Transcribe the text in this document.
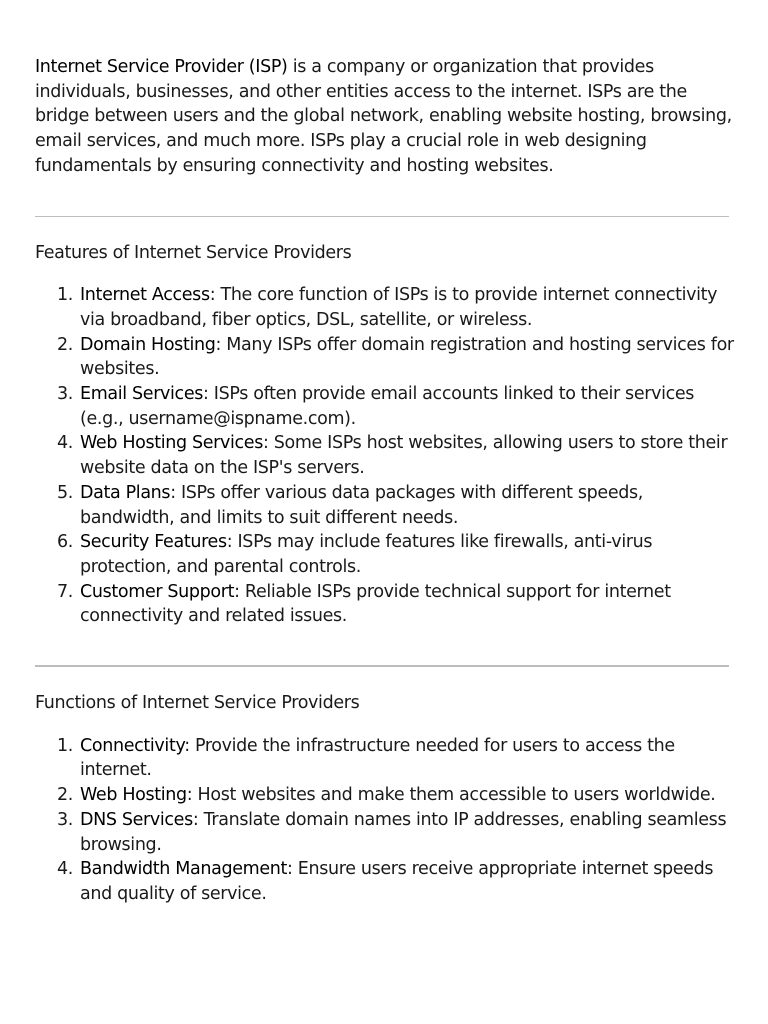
Internet Service Provider (ISP) is a company or organization that provides individuals, businesses, and other entities access to the internet. ISPs are the bridge between users and the global network, enabling website hosting, browsing, email services, and much more. ISPs play a crucial role in web designing fundamentals by ensuring connectivity and hosting websites.

Features of Internet Service Providers
1. Internet Access: The core function of ISPs is to provide internet connectivity via broadband, fiber optics, DSL, satellite, or wireless.
2. Domain Hosting: Many ISPs offer domain registration and hosting services for websites.
3. Email Services: ISPs often provide email accounts linked to their services (e.g., username@ispname.com).
4. Web Hosting Services: Some ISPs host websites, allowing users to store their website data on the ISP's servers.
5. Data Plans: ISPs offer various data packages with different speeds, bandwidth, and limits to suit different needs.
6. Security Features: ISPs may include features like firewalls, anti-virus protection, and parental controls.
7. Customer Support: Reliable ISPs provide technical support for internet connectivity and related issues.
Functions of Internet Service Providers
1. Connectivity: Provide the infrastructure needed for users to access the internet.
2. Web Hosting: Host websites and make them accessible to users worldwide.
3. DNS Services: Translate domain names into IP addresses, enabling seamless browsing.
4. Bandwidth Management: Ensure users receive appropriate internet speeds and quality of service.
